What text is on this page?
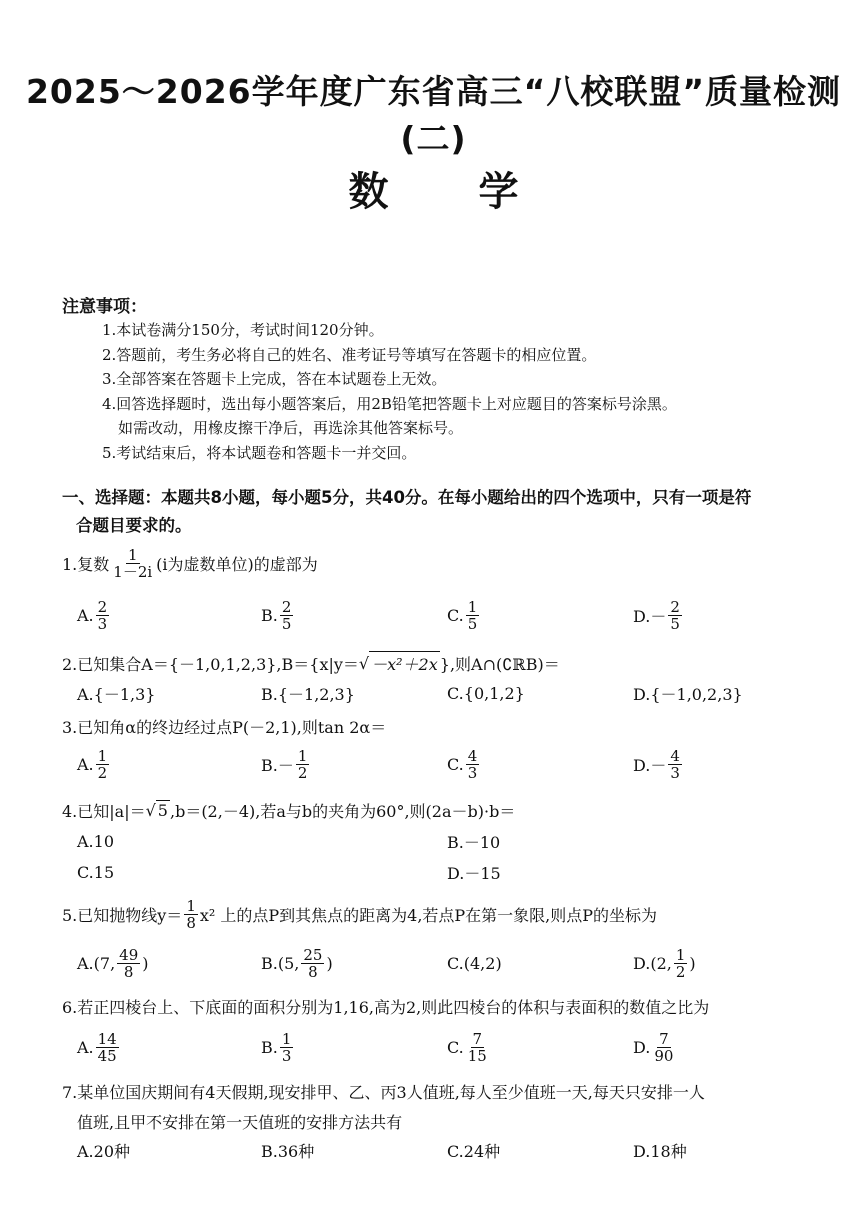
2025～2026学年度广东省高三“八校联盟”质量检测(二)
数学
注意事项：
1.本试卷满分150分，考试时间120分钟。
2.答题前，考生务必将自己的姓名、准考证号等填写在答题卡的相应位置。
3.全部答案在答题卡上完成，答在本试题卷上无效。
4.回答选择题时，选出每小题答案后，用2B铅笔把答题卡上对应题目的答案标号涂黑。
如需改动，用橡皮擦干净后，再选涂其他答案标号。
5.考试结束后，将本试题卷和答题卡一并交回。
一、选择题：本题共8小题，每小题5分，共40分。在每小题给出的四个选项中，只有一项是符
合题目要求的。
1.复数 $\frac{1}{1-2i} (i$为虚数单位)的虚部为
A. $\frac{2}{3}$	B. $\frac{2}{5}$	C. $\frac{1}{5}$	$D.- \frac{2}{5}$
2.已知集合A＝{－1,0,1,2,3},B＝{x|y＝ √ －x²＋2x },则A∩(∁ℝB)＝
A.{－1,3}	B.{－1,2,3}	C.{0,1,2}	D.{－1,0,2,3}
3.已知角α的终边经过点P(－2,1),则tan 2α＝
A. $\frac{1}{2}$	$B.- \frac{1}{2}$	C. $\frac{4}{3}$	$D.- \frac{4}{3}$
4.已知|a|＝ √ 5 ,b＝(2,－4),若a与b的夹角为60°,则(2a－b)·b＝
A.10	B.－10
C.15	D.－15
5.已知抛物线$y= \frac{1}{8} x^2$ 上的点P到其焦点的距离为4,若点P在第一象限,则点P的坐标为
A.(7, $\frac{49}{8}$ )	B.(5, $\frac{25}{8}$ )	C.(4,2)	D.(2, $\frac{1}{2}$ )
6.若正四棱台上、下底面的面积分别为1,16,高为2,则此四棱台的体积与表面积的数值之比为
A. $\frac{14}{45}$	B. $\frac{1}{3}$	C. $\frac{7}{15}$	D. $\frac{7}{90}$
7.某单位国庆期间有4天假期,现安排甲、乙、丙3人值班,每人至少值班一天,每天只安排一人
值班,且甲不安排在第一天值班的安排方法共有
A.20种	B.36种	C.24种	D.18种
